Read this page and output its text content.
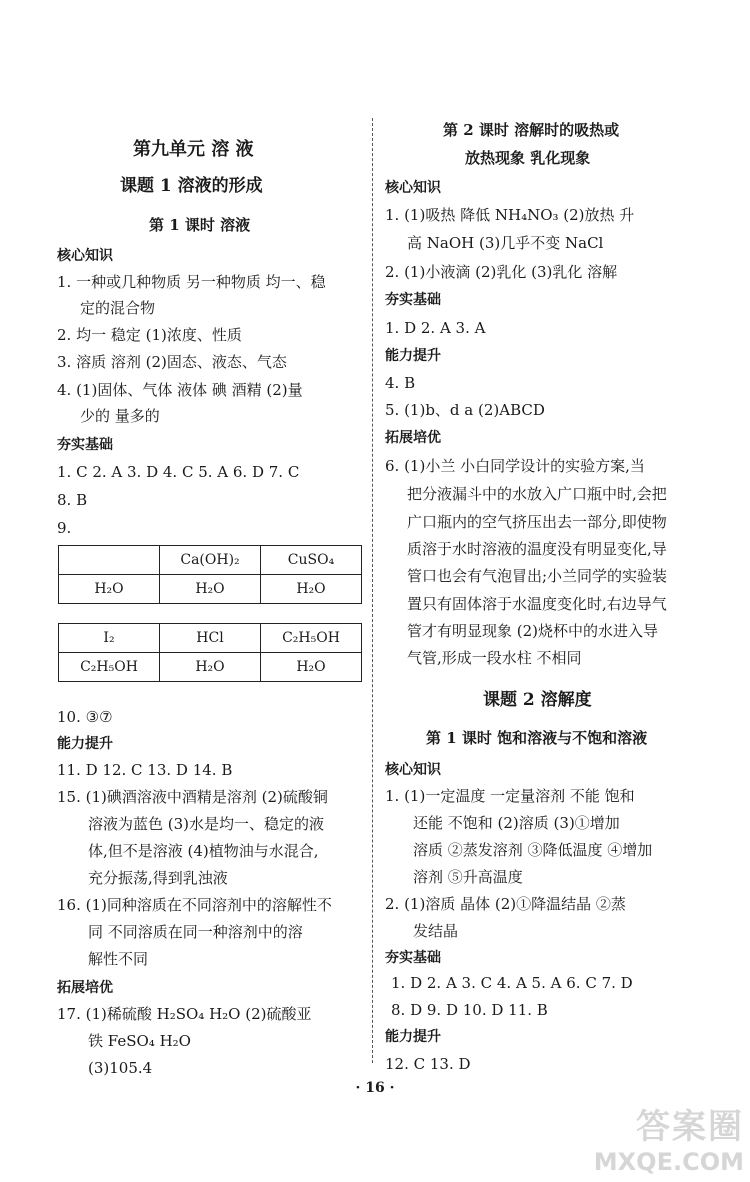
第九单元 溶 液
课题 1 溶液的形成
第 1 课时 溶液
核心知识
1. 一种或几种物质 另一种物质 均一、稳
定的混合物
2. 均一 稳定 (1)浓度、性质
3. 溶质 溶剂 (2)固态、液态、气态
4. (1)固体、气体 液体 碘 酒精 (2)量
少的 量多的
夯实基础
1. C 2. A 3. D 4. C 5. A 6. D 7. C
8. B
9.
	Ca(OH)₂	CuSO₄
H₂O	H₂O	H₂O
I₂	HCl	C₂H₅OH
C₂H₅OH	H₂O	H₂O
10. ③⑦
能力提升
11. D 12. C 13. D 14. B
15. (1)碘酒溶液中酒精是溶剂 (2)硫酸铜
溶液为蓝色 (3)水是均一、稳定的液
体,但不是溶液 (4)植物油与水混合,
充分振荡,得到乳浊液
16. (1)同种溶质在不同溶剂中的溶解性不
同 不同溶质在同一种溶剂中的溶
解性不同
拓展培优
17. (1)稀硫酸 H₂SO₄ H₂O (2)硫酸亚
铁 FeSO₄ H₂O
(3)105.4
第 2 课时 溶解时的吸热或
放热现象 乳化现象
核心知识
1. (1)吸热 降低 NH₄NO₃ (2)放热 升
高 NaOH (3)几乎不变 NaCl
2. (1)小液滴 (2)乳化 (3)乳化 溶解
夯实基础
1. D 2. A 3. A
能力提升
4. B
5. (1)b、d a (2)ABCD
拓展培优
6. (1)小兰 小白同学设计的实验方案,当
把分液漏斗中的水放入广口瓶中时,会把
广口瓶内的空气挤压出去一部分,即使物
质溶于水时溶液的温度没有明显变化,导
管口也会有气泡冒出;小兰同学的实验装
置只有固体溶于水温度变化时,右边导气
管才有明显现象 (2)烧杯中的水进入导
气管,形成一段水柱 不相同
课题 2 溶解度
第 1 课时 饱和溶液与不饱和溶液
核心知识
1. (1)一定温度 一定量溶剂 不能 饱和
还能 不饱和 (2)溶质 (3)①增加
溶质 ②蒸发溶剂 ③降低温度 ④增加
溶剂 ⑤升高温度
2. (1)溶质 晶体 (2)①降温结晶 ②蒸
发结晶
夯实基础
1. D 2. A 3. C 4. A 5. A 6. C 7. D
8. D 9. D 10. D 11. B
能力提升
12. C 13. D
· 16 ·
答案圈
MXQE.COM
